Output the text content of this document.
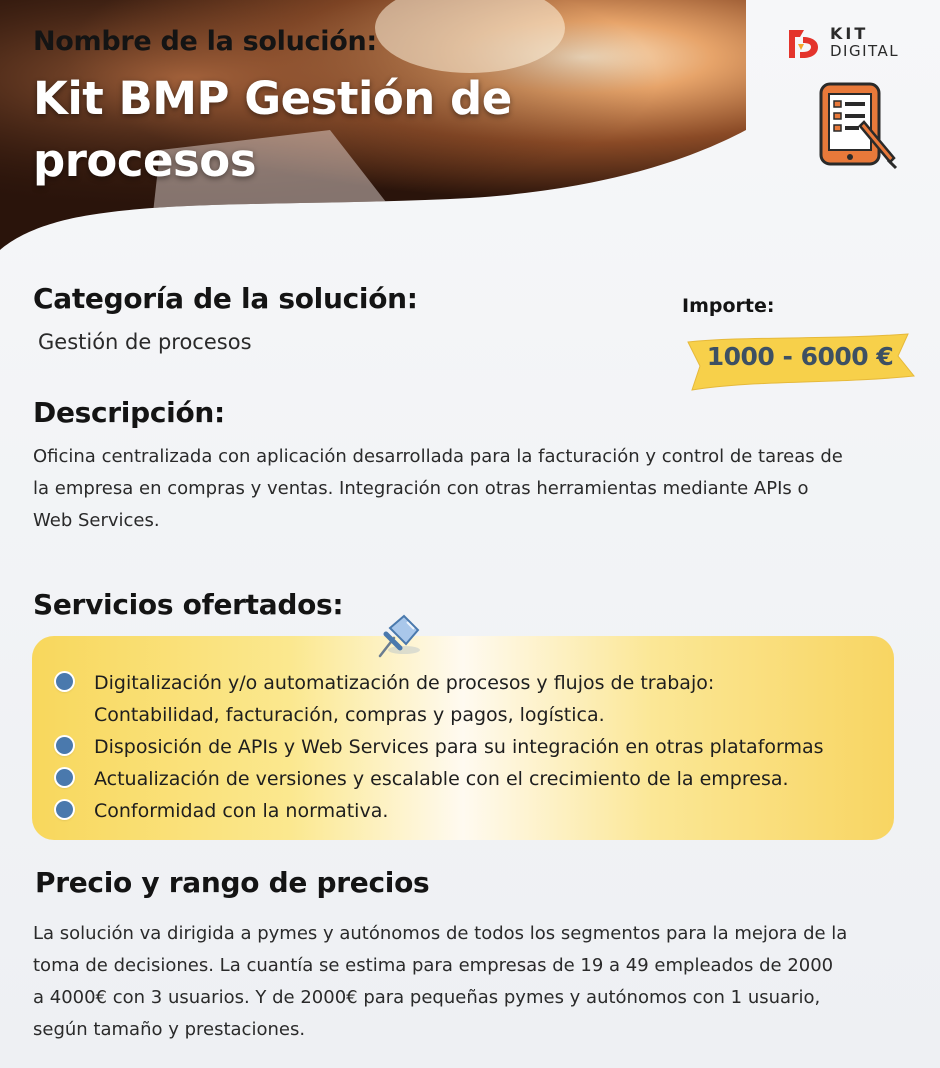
Nombre de la solución:
Kit BMP Gestión de procesos
KIT
DIGITAL
Categoría de la solución:
Gestión de procesos
Importe:
1000 - 6000 €
Descripción:
Oficina centralizada con aplicación desarrollada para la facturación y control de tareas de
la empresa en compras y ventas. Integración con otras herramientas mediante APIs o
Web Services.
Servicios ofertados:
Digitalización y/o automatización de procesos y flujos de trabajo:
Contabilidad, facturación, compras y pagos, logística.
Disposición de APIs y Web Services para su integración en otras plataformas
Actualización de versiones y escalable con el crecimiento de la empresa.
Conformidad con la normativa.
Precio y rango de precios
La solución va dirigida a pymes y autónomos de todos los segmentos para la mejora de la
toma de decisiones. La cuantía se estima para empresas de 19 a 49 empleados de 2000
a 4000€ con 3 usuarios. Y de 2000€ para pequeñas pymes y autónomos con 1 usuario,
según tamaño y prestaciones.
